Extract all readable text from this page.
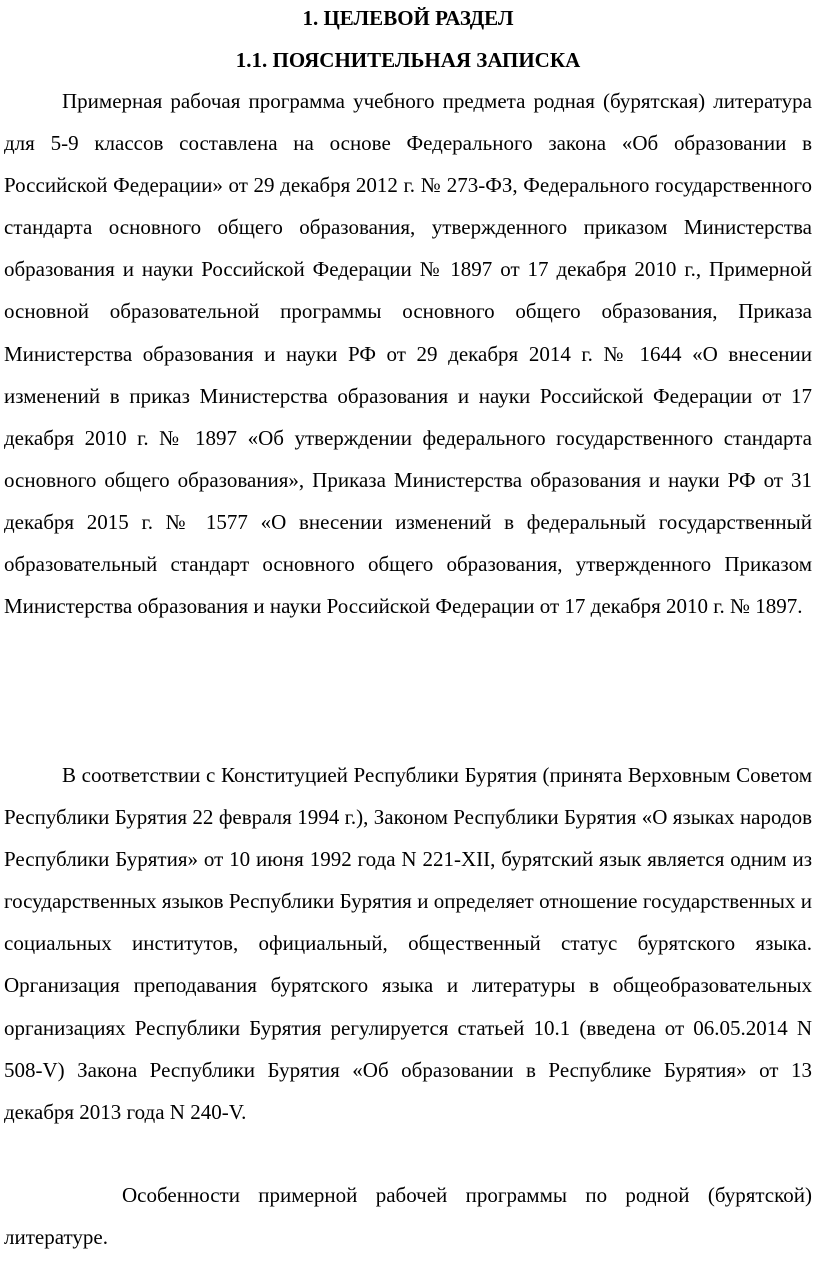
1. ЦЕЛЕВОЙ РАЗДЕЛ
1.1. ПОЯСНИТЕЛЬНАЯ ЗАПИСКА

Примерная рабочая программа учебного предмета родная (бурятская) литература для 5-9 классов составлена на основе Федерального закона «Об образовании в Российской Федерации» от 29 декабря 2012 г. № 273-ФЗ, Федерального государственного стандарта основного общего образования, утвержденного приказом Министерства образования и науки Российской Федерации № 1897 от 17 декабря 2010 г., Примерной основной образовательной программы основного общего образования, Приказа Министерства образования и науки РФ от 29 декабря 2014 г. № 1644 «О внесении изменений в приказ Министерства образования и науки Российской Федерации от 17 декабря 2010 г. № 1897 «Об утверждении федерального государственного стандарта основного общего образования», Приказа Министерства образования и науки РФ от 31 декабря 2015 г. № 1577 «О внесении изменений в федеральный государственный образовательный стандарт основного общего образования, утвержденного Приказом Министерства образования и науки Российской Федерации от 17 декабря 2010 г. № 1897.

В соответствии с Конституцией Республики Бурятия (принята Верховным Советом Республики Бурятия 22 февраля 1994 г.), Законом Республики Бурятия «О языках народов Республики Бурятия» от 10 июня 1992 года N 221-XII, бурятский язык является одним из государственных языков Республики Бурятия и определяет отношение государственных и социальных институтов, официальный, общественный статус бурятского языка. Организация преподавания бурятского языка и литературы в общеобразовательных организациях Республики Бурятия регулируется статьей 10.1 (введена от 06.05.2014 N 508-V) Закона Республики Бурятия «Об образовании в Республике Бурятия» от 13 декабря 2013 года N 240-V.

Особенности примерной рабочей программы по родной (бурятской) литературе.
